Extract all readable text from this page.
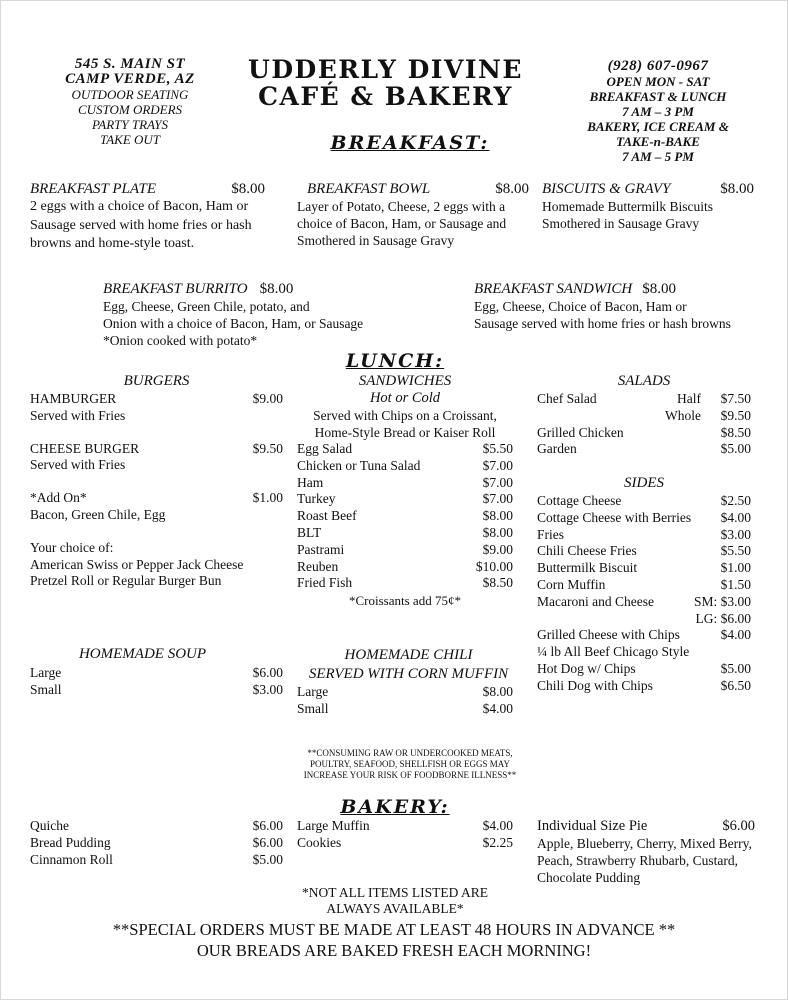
545 S. MAIN ST
CAMP VERDE, AZ
OUTDOOR SEATING
CUSTOM ORDERS
PARTY TRAYS
TAKE OUT
UDDERLY DIVINE
CAFÉ & BAKERY
(928) 607-0967
OPEN MON - SAT
BREAKFAST & LUNCH
7 AM – 3 PM
BAKERY, ICE CREAM &
TAKE-n-BAKE
7 AM – 5 PM
BREAKFAST:
BREAKFAST PLATE	$8.00
2 eggs with a choice of Bacon, Ham or
Sausage served with home fries or hash
browns and home-style toast.
BREAKFAST BOWL	$8.00
Layer of Potato, Cheese, 2 eggs with a
choice of Bacon, Ham, or Sausage and
Smothered in Sausage Gravy
BISCUITS & GRAVY	$8.00
Homemade Buttermilk Biscuits
Smothered in Sausage Gravy
BREAKFAST BURRITO $8.00
Egg, Cheese, Green Chile, potato, and
Onion with a choice of Bacon, Ham, or Sausage
*Onion cooked with potato*
BREAKFAST SANDWICH $8.00
Egg, Cheese, Choice of Bacon, Ham or
Sausage served with home fries or hash browns
LUNCH:
BURGERS
HAMBURGER	$9.00
Served with Fries
CHEESE BURGER	$9.50
Served with Fries
*Add On*	$1.00
Bacon, Green Chile, Egg
Your choice of:
American Swiss or Pepper Jack Cheese
Pretzel Roll or Regular Burger Bun
SANDWICHES
Hot or Cold
Served with Chips on a Croissant,
Home-Style Bread or Kaiser Roll
Egg Salad	$5.50
Chicken or Tuna Salad	$7.00
Ham	$7.00
Turkey	$7.00
Roast Beef	$8.00
BLT	$8.00
Pastrami	$9.00
Reuben	$10.00
Fried Fish	$8.50
*Croissants add 75¢*
SALADS
Chef Salad	Half $7.50
Whole $9.50
Grilled Chicken	$8.50
Garden	$5.00
SIDES
Cottage Cheese	$2.50
Cottage Cheese with Berries $4.00
Fries	$3.00
Chili Cheese Fries	$5.50
Buttermilk Biscuit	$1.00
Corn Muffin	$1.50
Macaroni and Cheese	SM: $3.00
LG: $6.00
Grilled Cheese with Chips	$4.00
¼ lb All Beef Chicago Style
Hot Dog w/ Chips	$5.00
Chili Dog with Chips	$6.50
HOMEMADE SOUP
Large	$6.00
Small	$3.00
HOMEMADE CHILI
SERVED WITH CORN MUFFIN
Large	$8.00
Small	$4.00
**CONSUMING RAW OR UNDERCOOKED MEATS,
POULTRY, SEAFOOD, SHELLFISH OR EGGS MAY
INCREASE YOUR RISK OF FOODBORNE ILLNESS**
BAKERY:
Quiche	$6.00
Bread Pudding	$6.00
Cinnamon Roll	$5.00
Large Muffin	$4.00
Cookies	$2.25
Individual Size Pie	$6.00
Apple, Blueberry, Cherry, Mixed Berry,
Peach, Strawberry Rhubarb, Custard,
Chocolate Pudding
*NOT ALL ITEMS LISTED ARE
ALWAYS AVAILABLE*
**SPECIAL ORDERS MUST BE MADE AT LEAST 48 HOURS IN ADVANCE **
OUR BREADS ARE BAKED FRESH EACH MORNING!
